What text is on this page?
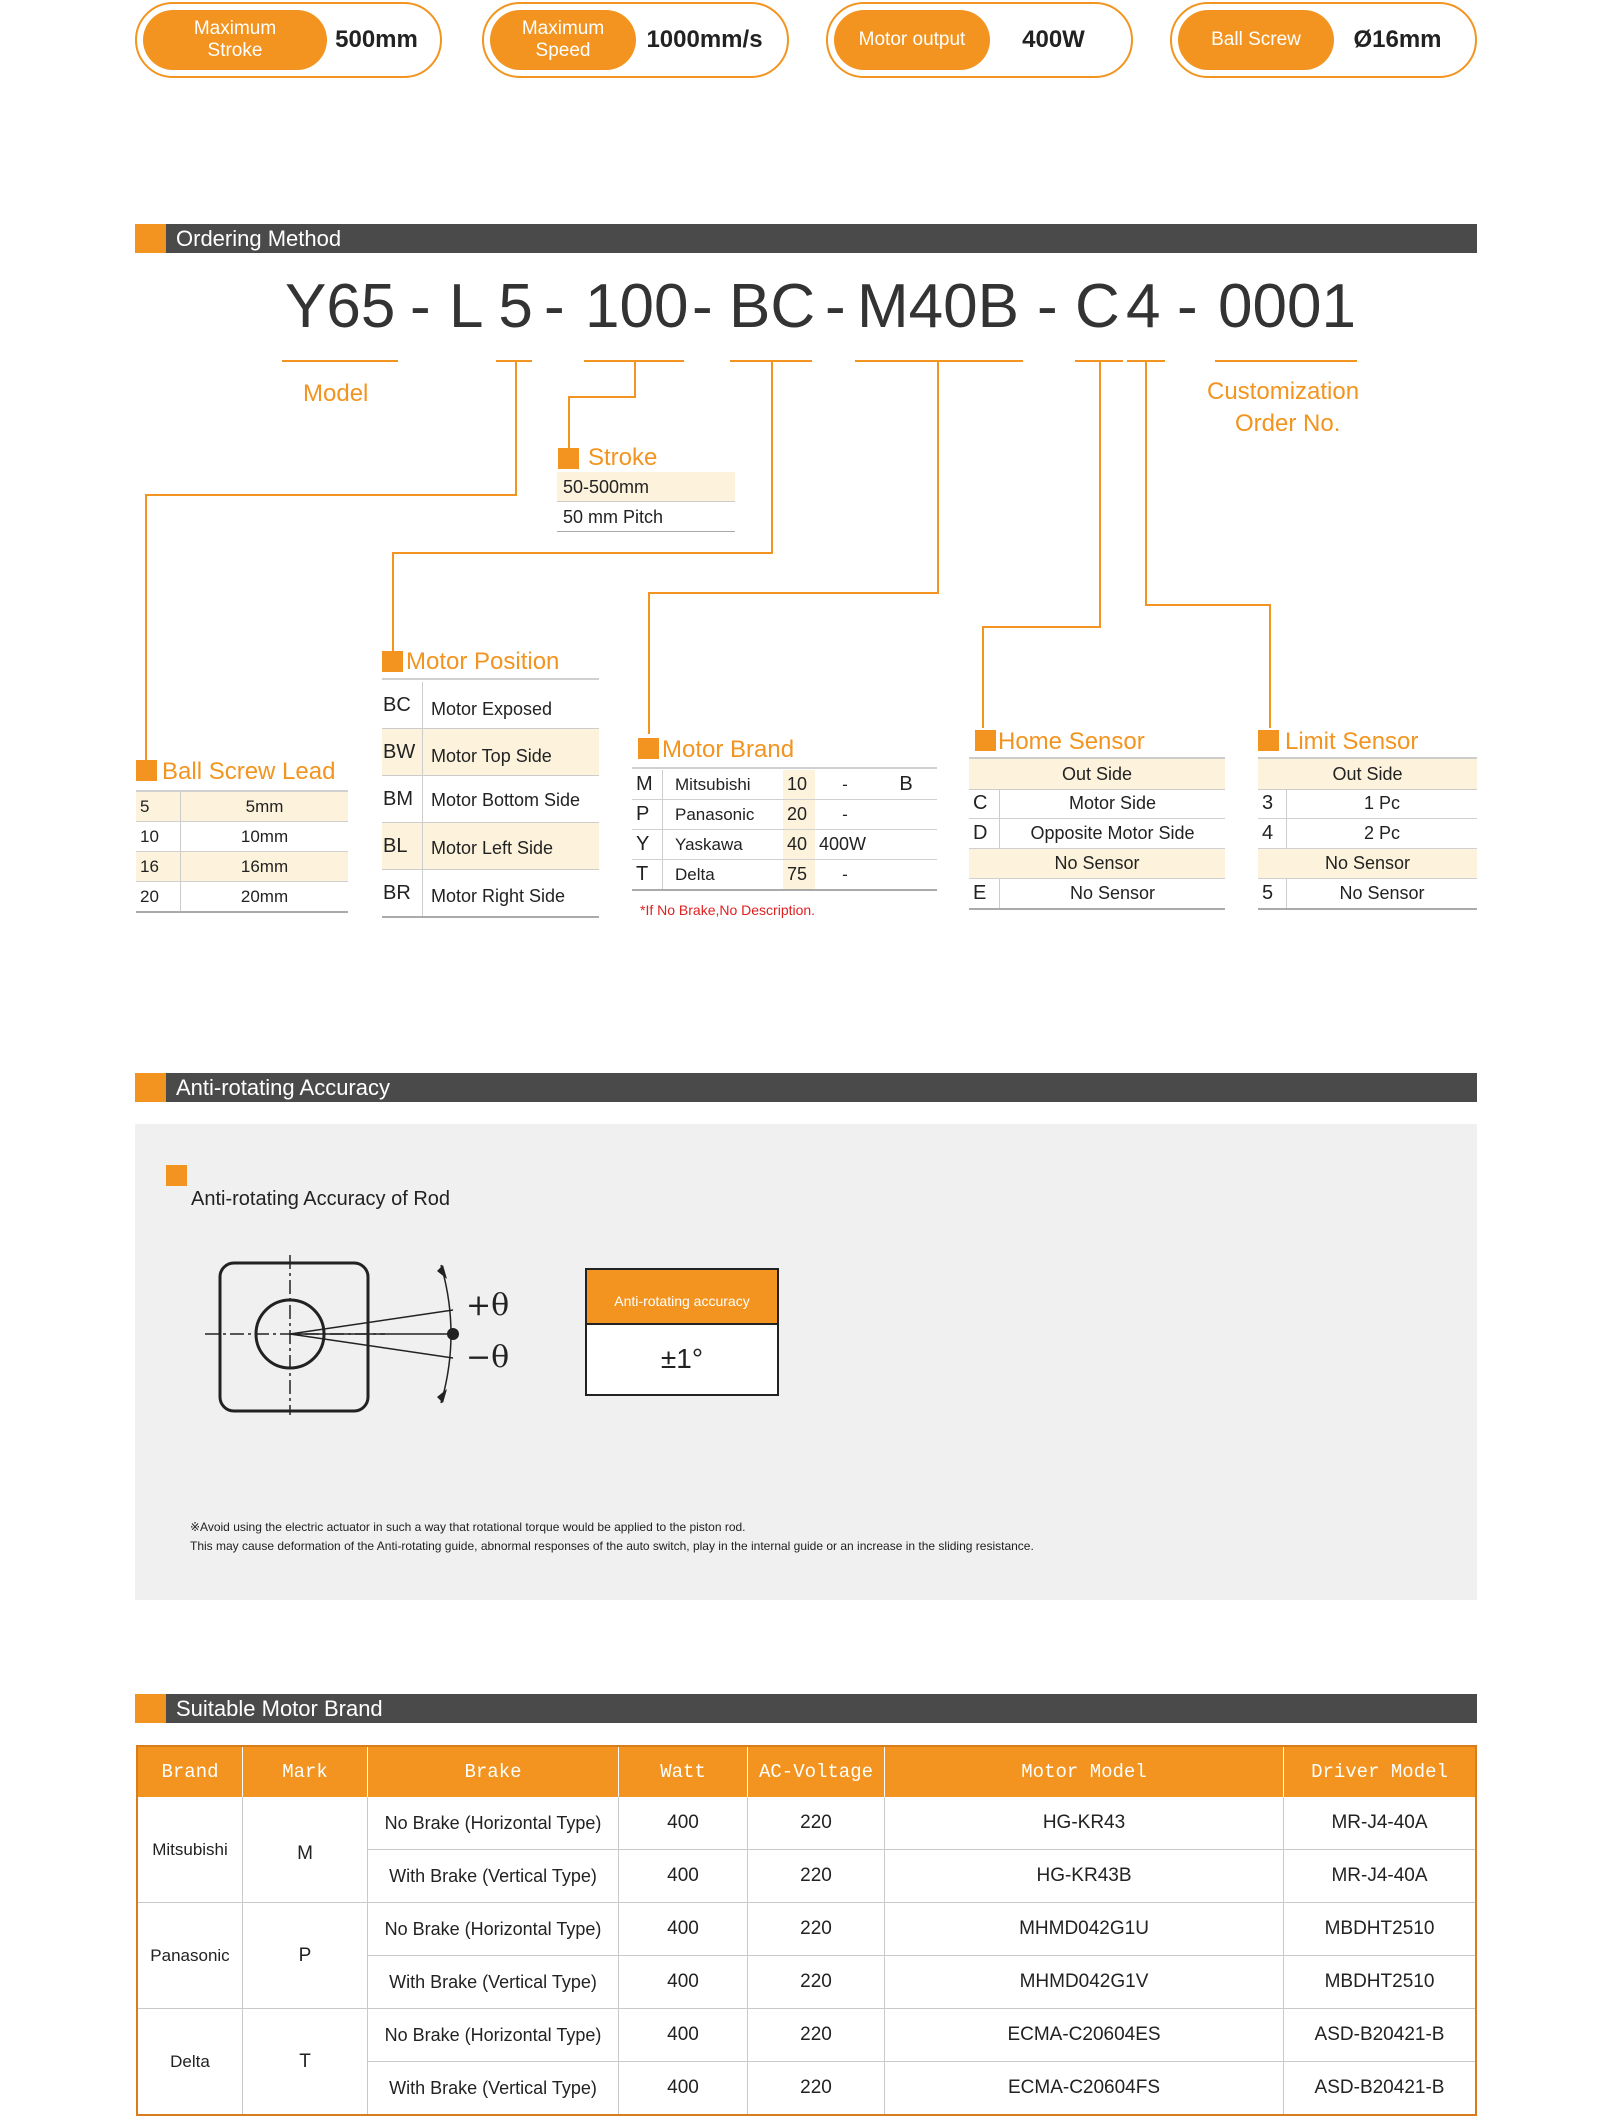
Maximum
Stroke	500mm	Maximum
Speed	1000mm/s	Motor output	400W	Ball Screw	Ø16mm
Ordering Method
Y65 - L 5 - 100 - BC - M40B - C 4 - 0001
Model	Customization
Order No.
Stroke
50-500mm
50 mm Pitch
Motor Position
BC	Motor Exposed
BW	Motor Top Side
BM	Motor Bottom Side
BL	Motor Left Side
BR	Motor Right Side
Ball Screw Lead
5	5mm
10	10mm
16	16mm
20	20mm
Motor Brand
M	Mitsubishi	10	-	B
P	Panasonic	20	-	
Y	Yaskawa	40	400W	
T	Delta	75	-	
*If No Brake,No Description.
Home Sensor
Out Side
C	Motor Side
D	Opposite Motor Side
No Sensor	
E	No Sensor
Limit Sensor
Out Side
3	1 Pc
4	2 Pc
No Sensor	
5	No Sensor
Anti-rotating Accuracy
Anti-rotating Accuracy of Rod
+θ
−θ
Anti-rotating accuracy
±1°
※Avoid using the electric actuator in such a way that rotational torque would be applied to the piston rod.
This may cause deformation of the Anti-rotating guide, abnormal responses of the auto switch, play in the internal guide or an increase in the sliding resistance.
Suitable Motor Brand
Brand	Mark	Brake	Watt	AC-Voltage	Motor Model	Driver Model
Mitsubishi	M	No Brake (Horizontal Type)	400	220	HG-KR43	MR-J4-40A
		With Brake (Vertical Type)	400	220	HG-KR43B	MR-J4-40A
Panasonic	P	No Brake (Horizontal Type)	400	220	MHMD042G1U	MBDHT2510
		With Brake (Vertical Type)	400	220	MHMD042G1V	MBDHT2510
Delta	T	No Brake (Horizontal Type)	400	220	ECMA-C20604ES	ASD-B20421-B
		With Brake (Vertical Type)	400	220	ECMA-C20604FS	ASD-B20421-B
